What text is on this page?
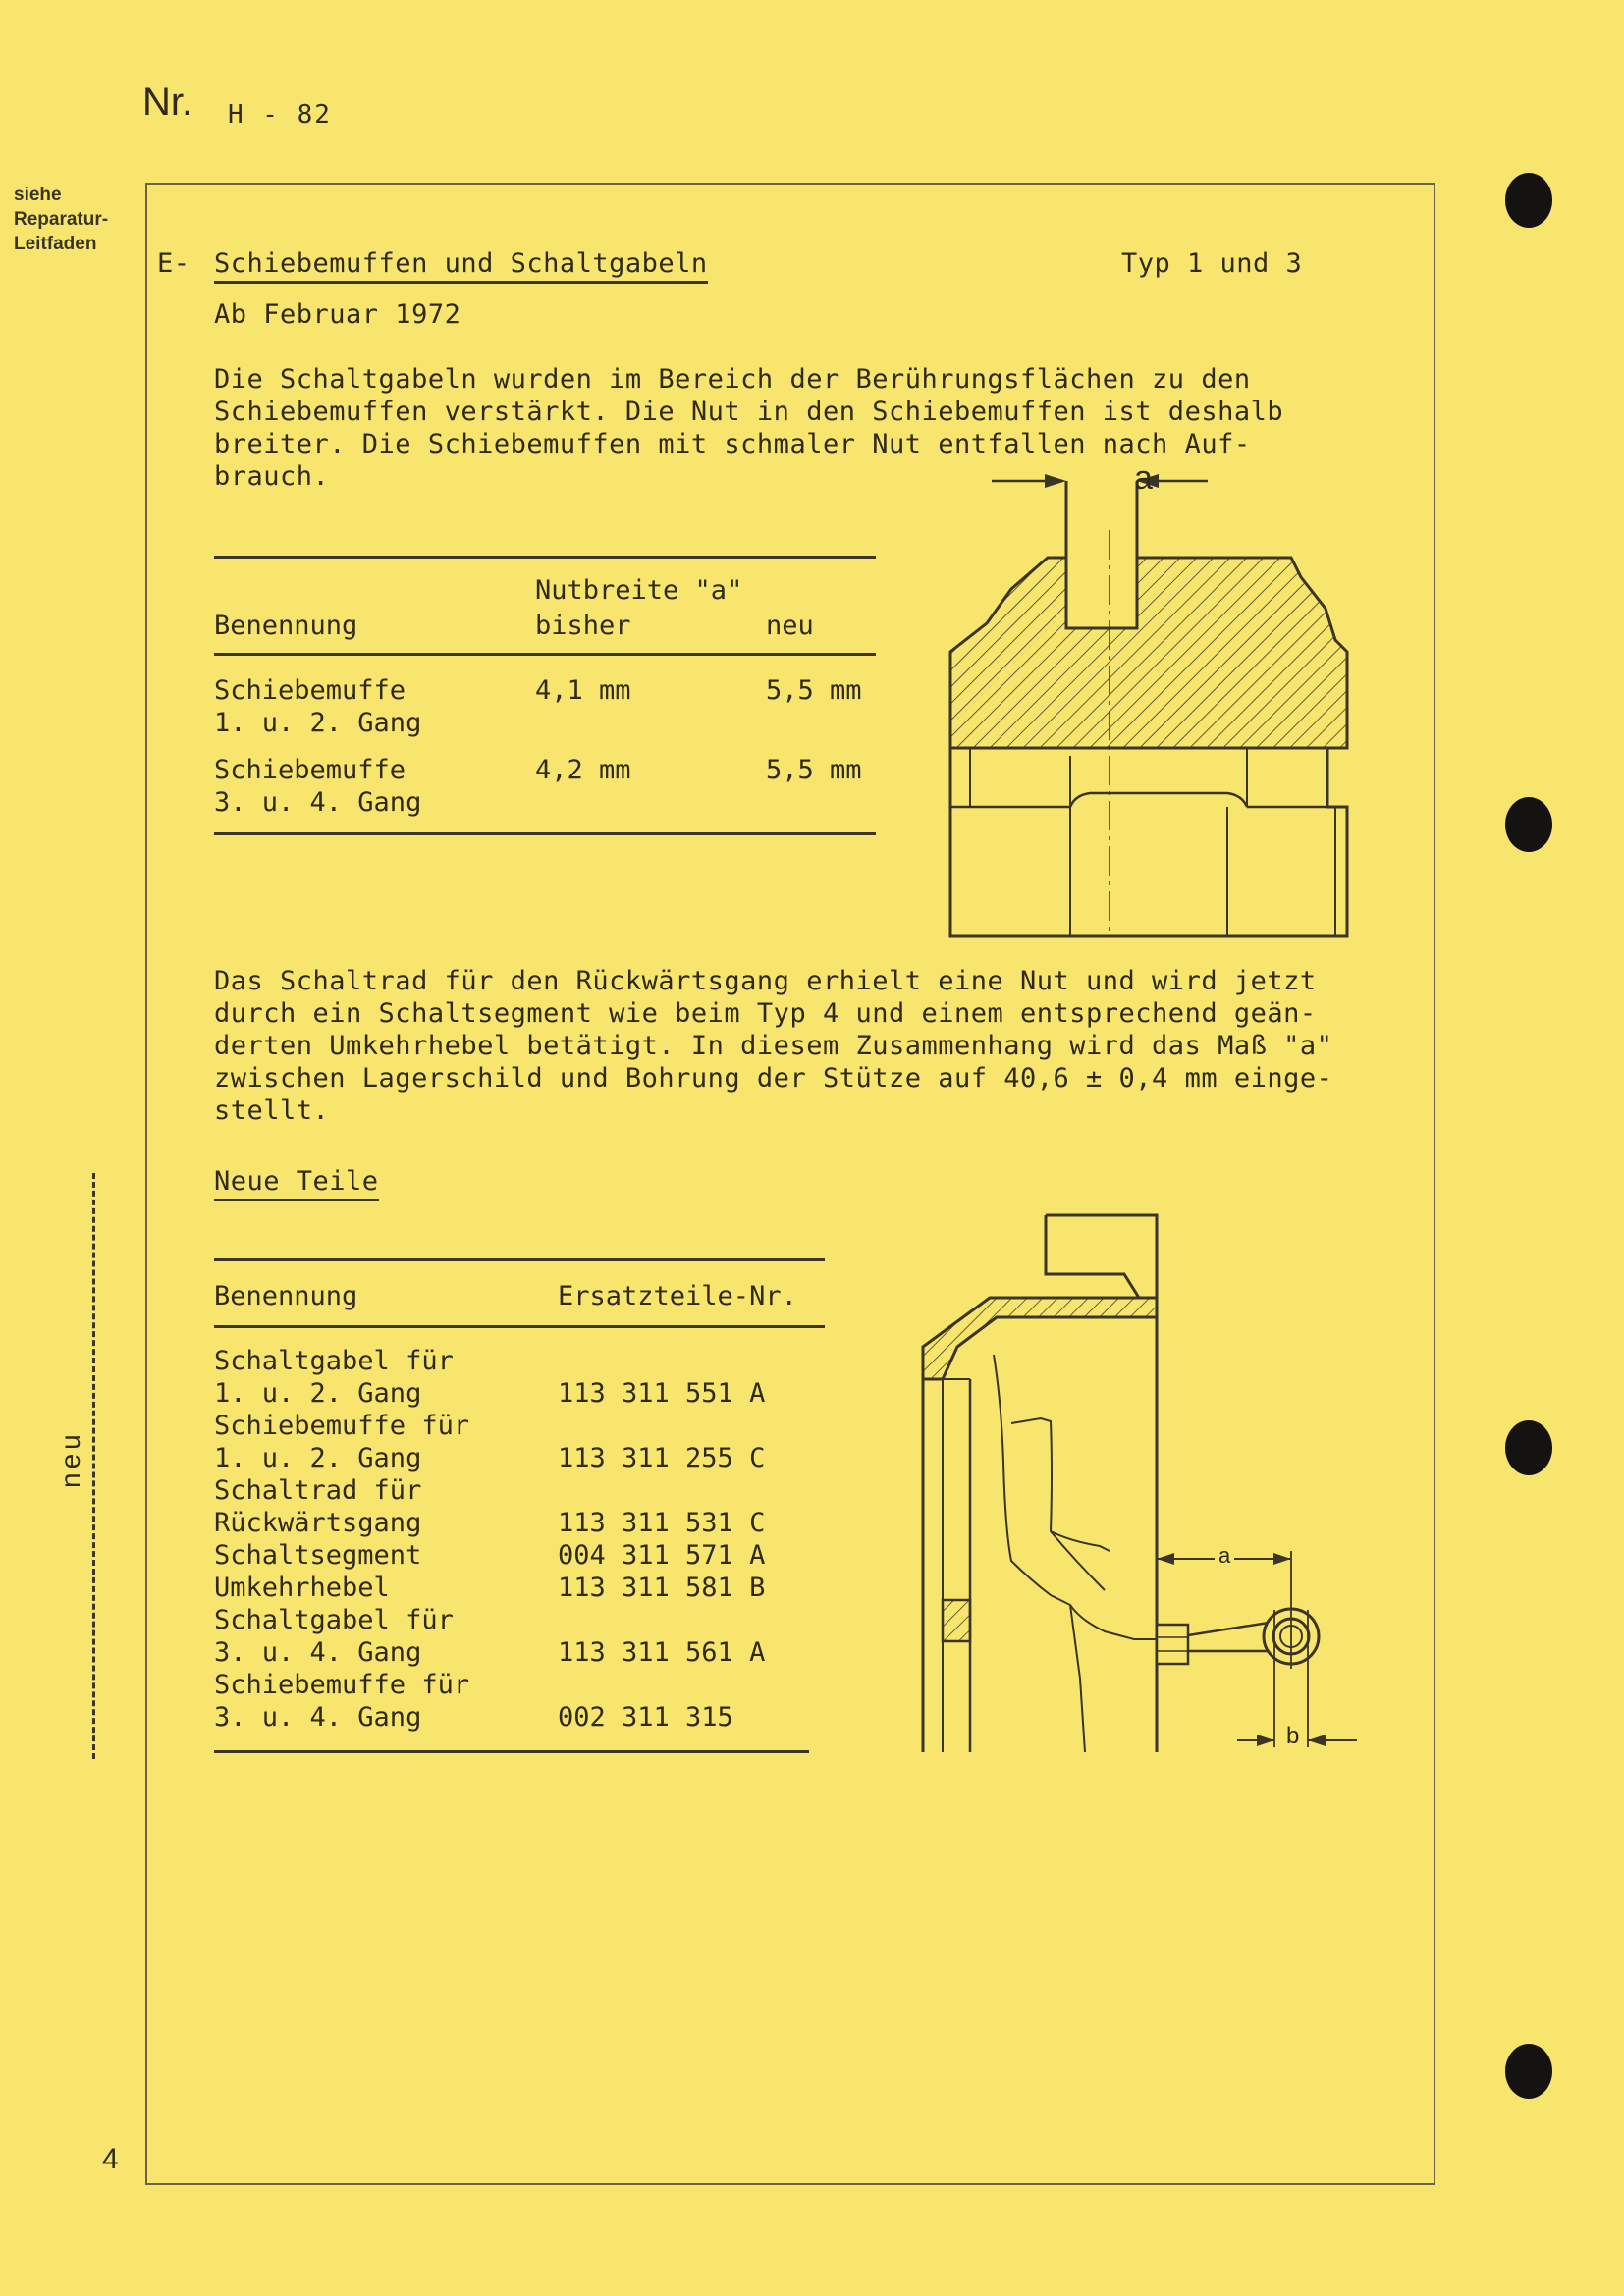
Nr. H - 82
siehe
Reparatur-
Leitfaden
neu
4
E- Schiebemuffen und Schaltgabeln	Typ 1 und 3
Ab Februar 1972
Die Schaltgabeln wurden im Bereich der Berührungsflächen zu den
Schiebemuffen verstärkt. Die Nut in den Schiebemuffen ist deshalb
breiter. Die Schiebemuffen mit schmaler Nut entfallen nach Auf-
brauch.
Nutbreite "a"
Benennung	bisher	neu
Schiebemuffe
1. u. 2. Gang
4,1 mm	5,5 mm
Schiebemuffe
3. u. 4. Gang
4,2 mm	5,5 mm
a
Das Schaltrad für den Rückwärtsgang erhielt eine Nut und wird jetzt
durch ein Schaltsegment wie beim Typ 4 und einem entsprechend geän-
derten Umkehrhebel betätigt. In diesem Zusammenhang wird das Maß "a"
zwischen Lagerschild und Bohrung der Stütze auf 40,6 ± 0,4 mm einge-
stellt.
Neue Teile
Benennung	Ersatzteile-Nr.
Schaltgabel für
1. u. 2. Gang	113 311 551 A
Schiebemuffe für
1. u. 2. Gang	113 311 255 C
Schaltrad für
Rückwärtsgang	113 311 531 C
Schaltsegment	004 311 571 A
Umkehrhebel	113 311 581 B
Schaltgabel für
3. u. 4. Gang	113 311 561 A
Schiebemuffe für
3. u. 4. Gang	002 311 315
a
b
